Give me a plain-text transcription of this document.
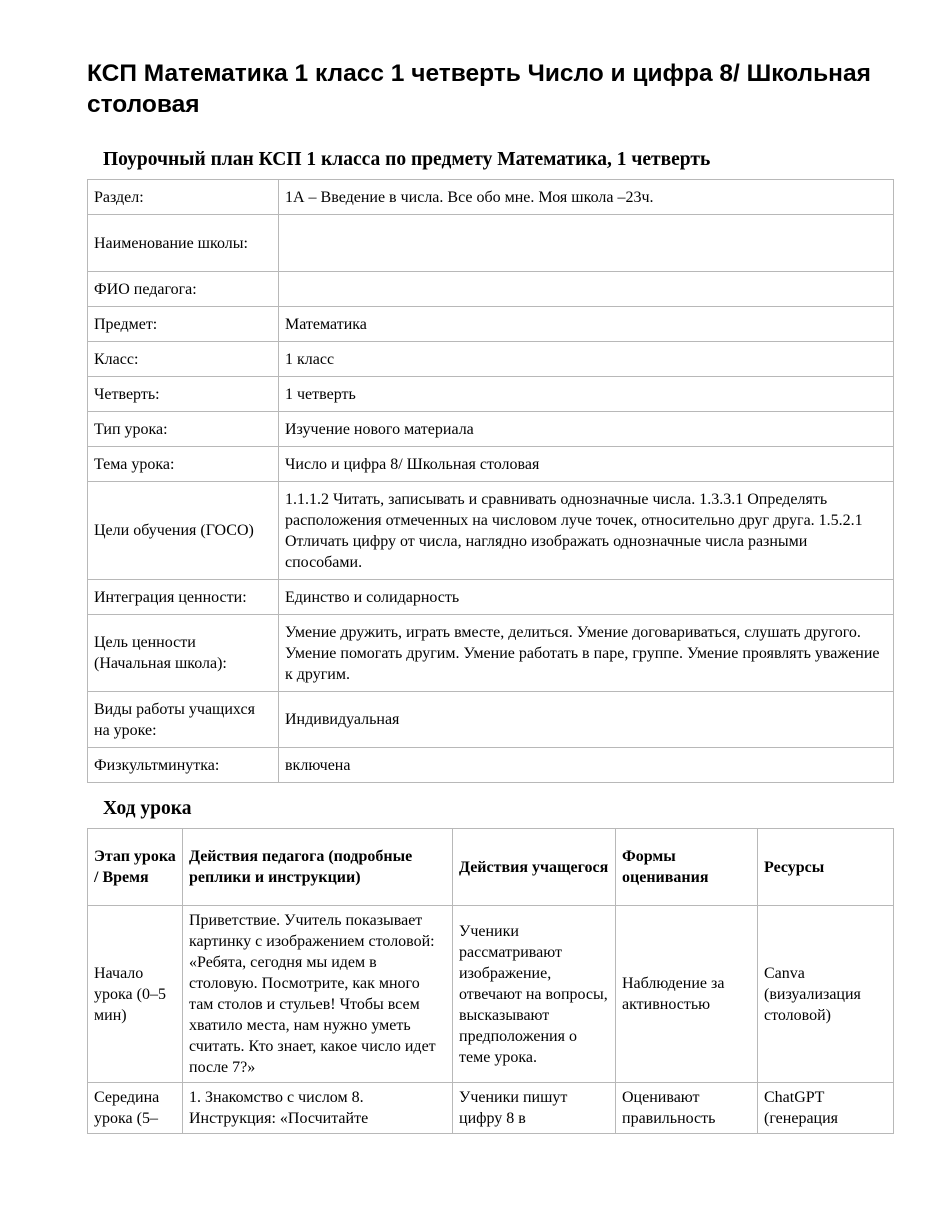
КСП Математика 1 класс 1 четверть Число и цифра 8/ Школьная столовая

Поурочный план КСП 1 класса по предмету Математика, 1 четверть

Раздел:	1А – Введение в числа. Все обо мне. Моя школа –23ч.
Наименование школы:	
ФИО педагога:	
Предмет:	Математика
Класс:	1 класс
Четверть:	1 четверть
Тип урока:	Изучение нового материала
Тема урока:	Число и цифра 8/ Школьная столовая
Цели обучения (ГОСО)	1.1.1.2 Читать, записывать и сравнивать однозначные числа. 1.3.3.1 Определять расположения отмеченных на числовом луче точек, относительно друг друга. 1.5.2.1 Отличать цифру от числа, наглядно изображать однозначные числа разными способами.
Интеграция ценности:	Единство и солидарность
Цель ценности (Начальная школа):	Умение дружить, играть вместе, делиться. Умение договариваться, слушать другого. Умение помогать другим. Умение работать в паре, группе. Умение проявлять уважение к другим.
Виды работы учащихся на уроке:	Индивидуальная
Физкультминутка:	включена

Ход урока

Этап урока / Время	Действия педагога (подробные реплики и инструкции)	Действия учащегося	Формы оценивания	Ресурсы
Начало урока (0–5 мин)	Приветствие. Учитель показывает картинку с изображением столовой: «Ребята, сегодня мы идем в столовую. Посмотрите, как много там столов и стульев! Чтобы всем хватило места, нам нужно уметь считать. Кто знает, какое число идет после 7?»	Ученики рассматривают изображение, отвечают на вопросы, высказывают предположения о теме урока.	Наблюдение за активностью	Canva (визуализация столовой)
Середина урока (5–	1. Знакомство с числом 8. Инструкция: «Посчитайте	Ученики пишут цифру 8 в	Оценивают правильность	ChatGPT (генерация
